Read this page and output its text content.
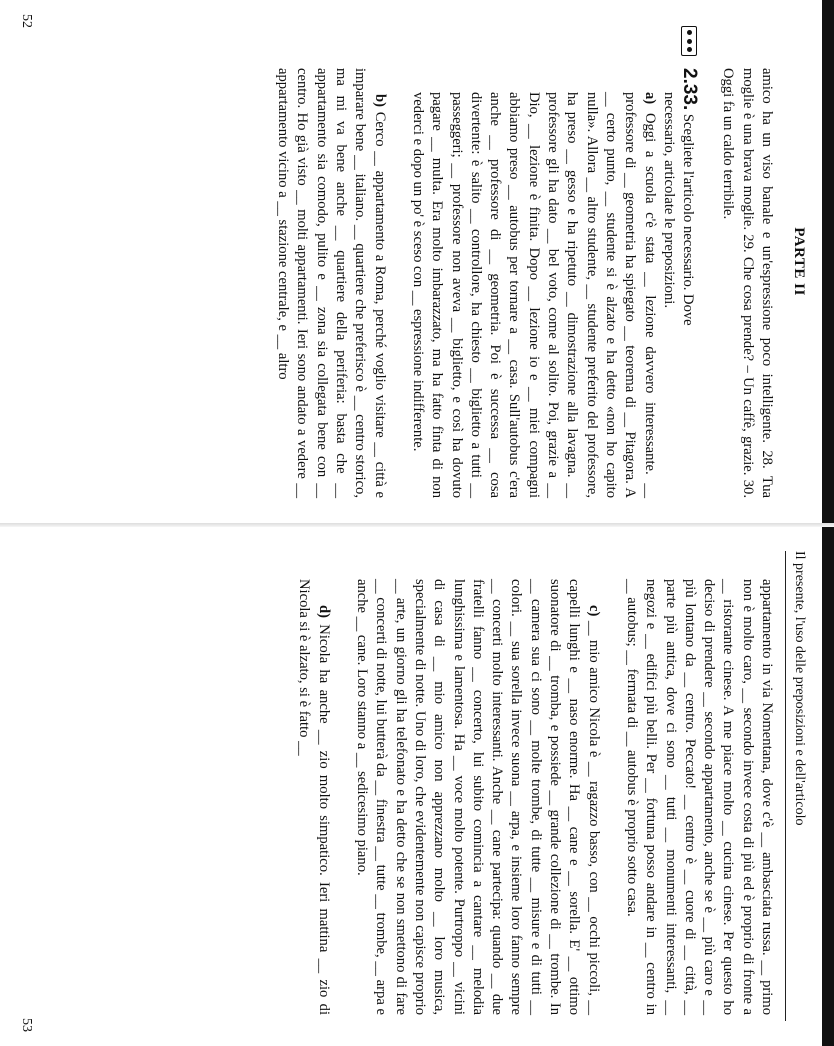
PARTE II

amico ha un viso banale e un'espressione poco intelligente. 28. Tua moglie è una brava moglie. 29. Che cosa prende? – Un caffè, grazie. 30. Oggi fa un caldo terribile.

2.33. Scegliete l'articolo necessario. Dove

necessario, articolate le preposizioni.

a) Oggi a scuola c'è stata __ lezione davvero interessante. __ professore di __ geometria ha spiegato __ teorema di __ Pitagora. A __ certo punto, __ studente si è alzato e ha detto «non ho capito nulla». Allora __ altro studente, __ studente preferito del professore, ha preso __ gesso e ha ripetuto __ dimostrazione alla lavagna. __ professore gli ha dato __ bel voto, come al solito. Poi, grazie a __ Dio, __ lezione è finita. Dopo __ lezione io e __ miei compagni abbiamo preso __ autobus per tornare a __ casa. Sull'autobus c'era anche __ professore di __ geometria. Poi è successa __ cosa divertente: è salito __ controllore, ha chiesto __ biglietto a tutti __ passeggeri; __ professore non aveva __ biglietto, e così ha dovuto pagare __ multa. Era molto imbarazzato, ma ha fatto finta di non vederci e dopo un po' è sceso con __ espressione indifferente.

b) Cerco __ appartamento a Roma, perché voglio visitare __ città e imparare bene __ italiano. __ quartiere che preferisco è __ centro storico, ma mi va bene anche __ quartiere della periferia: basta che __ appartamento sia comodo, pulito e __ zona sia collegata bene con __ centro. Ho già visto __ molti appartamenti. Ieri sono andato a vedere __ appartamento vicino a __ stazione centrale, e __ altro

52
Il presente, l'uso delle preposizioni e dell'articolo

appartamento in via Nomentana, dove c'è __ ambasciata russa. __ primo non è molto caro, __ secondo invece costa di più ed è proprio di fronte a __ ristorante cinese. A me piace molto __ cucina cinese. Per questo ho deciso di prendere __ secondo appartamento, anche se è __ più caro e __ più lontano da __ centro. Peccato! __ centro è __ cuore di __ città, __ parte più antica, dove ci sono __ tutti __ monumenti interessanti, __ negozi e __ edifici più belli. Per __ fortuna posso andare in __ centro in __ autobus; __ fermata di __ autobus è proprio sotto casa.

c) __ mio amico Nicola è __ ragazzo basso, con __ occhi piccoli, __ capelli lunghi e __ naso enorme. Ha __ cane e __ sorella. E' __ ottimo suonatore di __ tromba, e possiede __ grande collezione di __ trombe. In __ camera sua ci sono __ molte trombe, di tutte __ misure e di tutti __ colori. __ sua sorella invece suona __ arpa, e insieme loro fanno sempre __ concerti molto interessanti. Anche __ cane partecipa: quando __ due fratelli fanno __ concerto, lui subito comincia a cantare __ melodia lunghissima e lamentosa. Ha __ voce molto potente. Purtroppo __ vicini di casa di __ mio amico non apprezzano molto __ loro musica, specialmente di notte. Uno di loro, che evidentemente non capisce proprio __ arte, un giorno gli ha telefonato e ha detto che se non smettono di fare __ concerti di notte, lui butterà da __ finestra __ tutte __ trombe, __ arpa e anche __ cane. Loro stanno a __ sedicesimo piano.

d) Nicola ha anche __ zio molto simpatico. Ieri mattina __ zio di Nicola si è alzato, si è fatto __

53
